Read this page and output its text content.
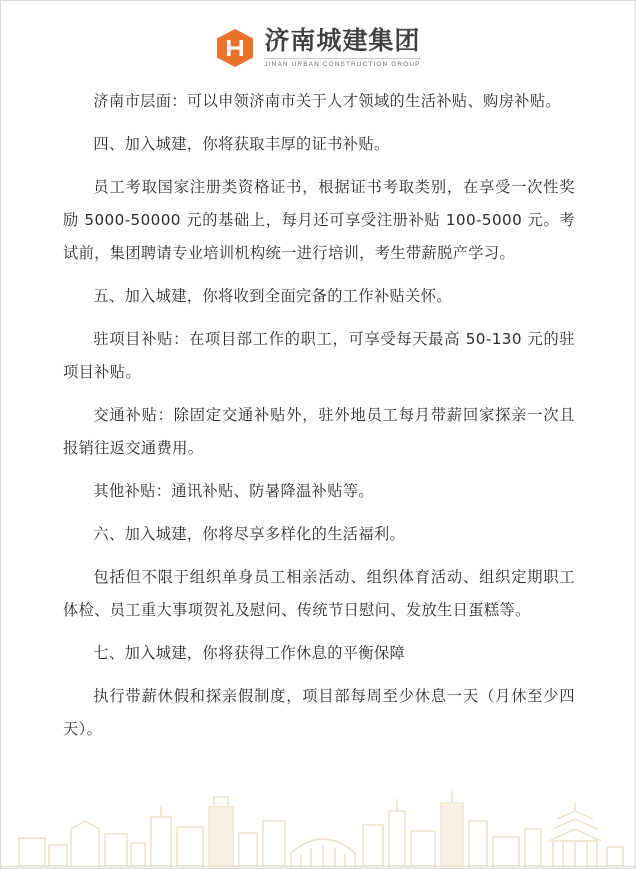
济南城建集团
JINAN URBAN CONSTRUCTION GROUP

济南市层面：可以申领济南市关于人才领域的生活补贴、购房补贴。

四、加入城建，你将获取丰厚的证书补贴。

员工考取国家注册类资格证书，根据证书考取类别，在享受一次性奖励 5000-50000 元的基础上，每月还可享受注册补贴 100-5000 元。考试前，集团聘请专业培训机构统一进行培训，考生带薪脱产学习。

五、加入城建，你将收到全面完备的工作补贴关怀。

驻项目补贴：在项目部工作的职工，可享受每天最高 50-130 元的驻项目补贴。

交通补贴：除固定交通补贴外，驻外地员工每月带薪回家探亲一次且报销往返交通费用。

其他补贴：通讯补贴、防暑降温补贴等。

六、加入城建，你将尽享多样化的生活福利。

包括但不限于组织单身员工相亲活动、组织体育活动、组织定期职工体检、员工重大事项贺礼及慰问、传统节日慰问、发放生日蛋糕等。

七、加入城建，你将获得工作休息的平衡保障

执行带薪休假和探亲假制度，项目部每周至少休息一天（月休至少四天）。
